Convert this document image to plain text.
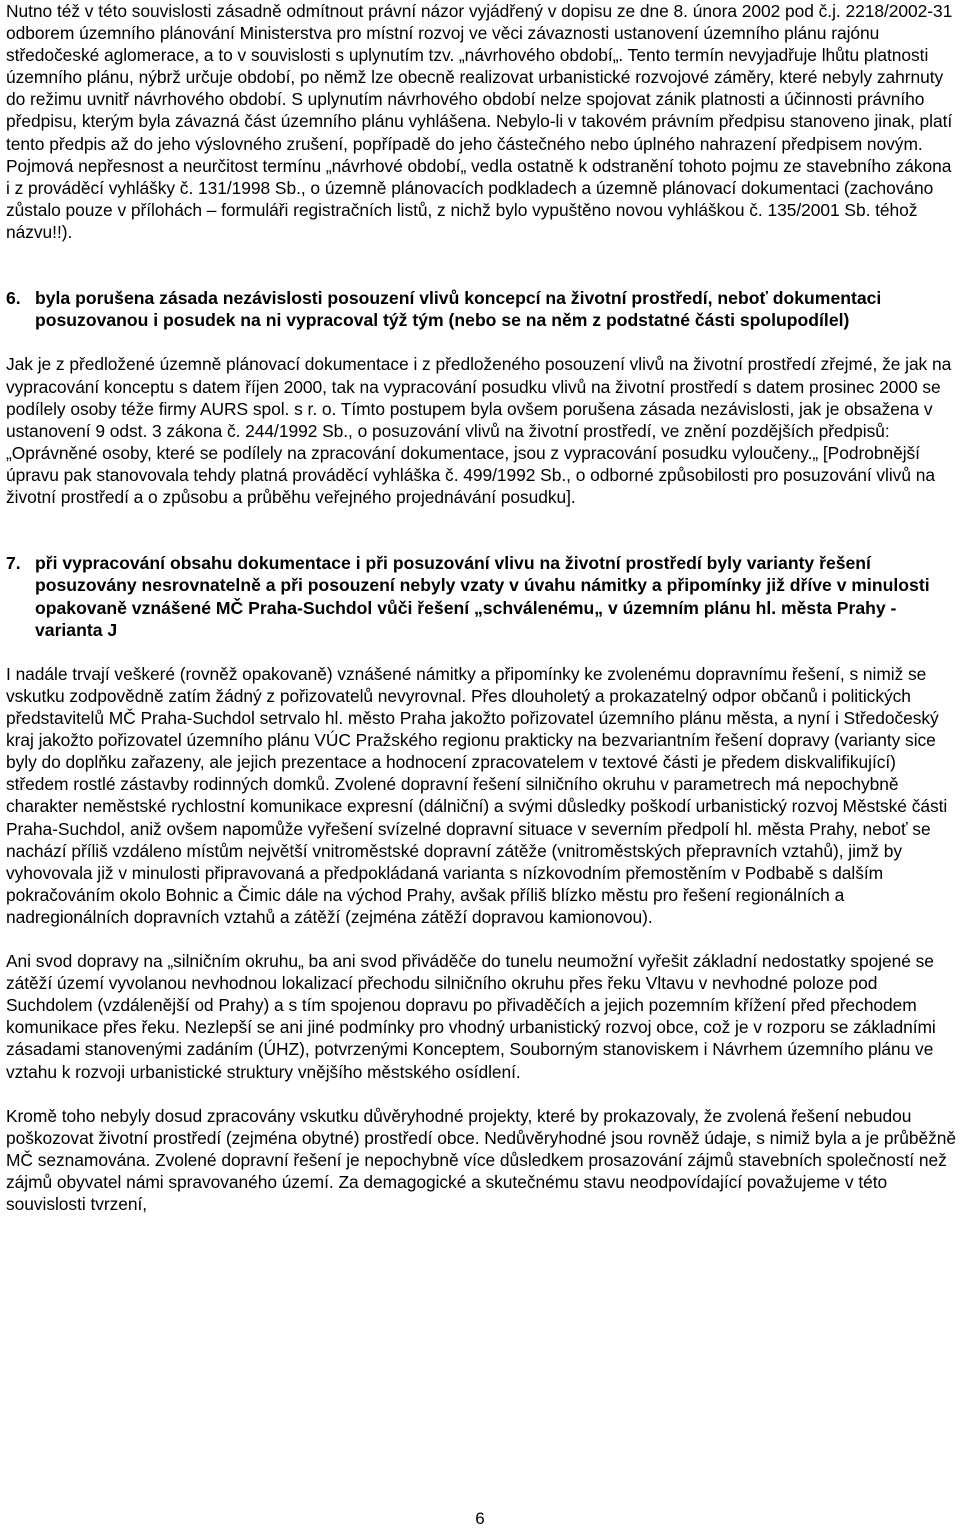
Nutno též v této souvislosti zásadně odmítnout právní názor vyjádřený v dopisu ze dne 8. února 2002 pod č.j. 2218/2002-31 odborem územního plánování Ministerstva pro místní rozvoj ve věci závaznosti ustanovení územního plánu rajónu středočeské aglomerace, a to v souvislosti s uplynutím tzv. „návrhového období„. Tento termín nevyjadřuje lhůtu platnosti územního plánu, nýbrž určuje období, po němž lze obecně realizovat urbanistické rozvojové záměry, které nebyly zahrnuty do režimu uvnitř návrhového období. S uplynutím návrhového období nelze spojovat zánik platnosti a účinnosti právního předpisu, kterým byla závazná část územního plánu vyhlášena. Nebylo-li v takovém právním předpisu stanoveno jinak, platí tento předpis až do jeho výslovného zrušení, popřípadě do jeho částečného nebo úplného nahrazení předpisem novým. Pojmová nepřesnost a neurčitost termínu „návrhové období„ vedla ostatně k odstranění tohoto pojmu ze stavebního zákona i z prováděcí vyhlášky č. 131/1998 Sb., o územně plánovacích podkladech a územně plánovací dokumentaci (zachováno zůstalo pouze v přílohách – formuláři registračních listů, z nichž bylo vypuštěno novou vyhláškou č. 135/2001 Sb. téhož názvu!!).

6. byla porušena zásada nezávislosti posouzení vlivů koncepcí na životní prostředí, neboť dokumentaci posuzovanou i posudek na ni vypracoval týž tým (nebo se na něm z podstatné části spolupodílel)

Jak je z předložené územně plánovací dokumentace i z předloženého posouzení vlivů na životní prostředí zřejmé, že jak na vypracování konceptu s datem říjen 2000, tak na vypracování posudku vlivů na životní prostředí s datem prosinec 2000 se podílely osoby téže firmy AURS spol. s r. o. Tímto postupem byla ovšem porušena zásada nezávislosti, jak je obsažena v ustanovení 9 odst. 3 zákona č. 244/1992 Sb., o posuzování vlivů na životní prostředí, ve znění pozdějších předpisů: „Oprávněné osoby, které se podílely na zpracování dokumentace, jsou z vypracování posudku vyloučeny.„ [Podrobnější úpravu pak stanovovala tehdy platná prováděcí vyhláška č. 499/1992 Sb., o odborné způsobilosti pro posuzování vlivů na životní prostředí a o způsobu a průběhu veřejného projednávání posudku].

7. při vypracování obsahu dokumentace i při posuzování vlivu na životní prostředí byly varianty řešení posuzovány nesrovnatelně a při posouzení nebyly vzaty v úvahu námitky a připomínky již dříve v minulosti opakovaně vznášené MČ Praha-Suchdol vůči řešení „schválenému„ v územním plánu hl. města Prahy - varianta J

I nadále trvají veškeré (rovněž opakovaně) vznášené námitky a připomínky ke zvolenému dopravnímu řešení, s nimiž se vskutku zodpovědně zatím žádný z pořizovatelů nevyrovnal. Přes dlouholetý a prokazatelný odpor občanů i politických představitelů MČ Praha-Suchdol setrvalo hl. město Praha jakožto pořizovatel územního plánu města, a nyní i Středočeský kraj jakožto pořizovatel územního plánu VÚC Pražského regionu prakticky na bezvariantním řešení dopravy (varianty sice byly do doplňku zařazeny, ale jejich prezentace a hodnocení zpracovatelem v textové části je předem diskvalifikující) středem rostlé zástavby rodinných domků. Zvolené dopravní řešení silničního okruhu v parametrech má nepochybně charakter neměstské rychlostní komunikace expresní (dálniční) a svými důsledky poškodí urbanistický rozvoj Městské části Praha-Suchdol, aniž ovšem napomůže vyřešení svízelné dopravní situace v severním předpolí hl. města Prahy, neboť se nachází příliš vzdáleno místům největší vnitroměstské dopravní zátěže (vnitroměstských přepravních vztahů), jimž by vyhovovala již v minulosti připravovaná a předpokládaná varianta s nízkovodním přemostěním v Podbabě s dalším pokračováním okolo Bohnic a Čimic dále na východ Prahy, avšak příliš blízko městu pro řešení regionálních a nadregionálních dopravních vztahů a zátěží (zejména zátěží dopravou kamionovou).

Ani svod dopravy na „silničním okruhu„ ba ani svod přiváděče do tunelu neumožní vyřešit základní nedostatky spojené se zátěží území vyvolanou nevhodnou lokalizací přechodu silničního okruhu přes řeku Vltavu v nevhodné poloze pod Suchdolem (vzdálenější od Prahy) a s tím spojenou dopravu po přivaděčích a jejich pozemním křížení před přechodem komunikace přes řeku. Nezlepší se ani jiné podmínky pro vhodný urbanistický rozvoj obce, což je v rozporu se základními zásadami stanovenými zadáním (ÚHZ), potvrzenými Konceptem, Souborným stanoviskem i Návrhem územního plánu ve vztahu k rozvoji urbanistické struktury vnějšího městského osídlení.

Kromě toho nebyly dosud zpracovány vskutku důvěryhodné projekty, které by prokazovaly, že zvolená řešení nebudou poškozovat životní prostředí (zejména obytné) prostředí obce. Nedůvěryhodné jsou rovněž údaje, s nimiž byla a je průběžně MČ seznamována. Zvolené dopravní řešení je nepochybně více důsledkem prosazování zájmů stavebních společností než zájmů obyvatel námi spravovaného území. Za demagogické a skutečnému stavu neodpovídající považujeme v této souvislosti tvrzení,

6
